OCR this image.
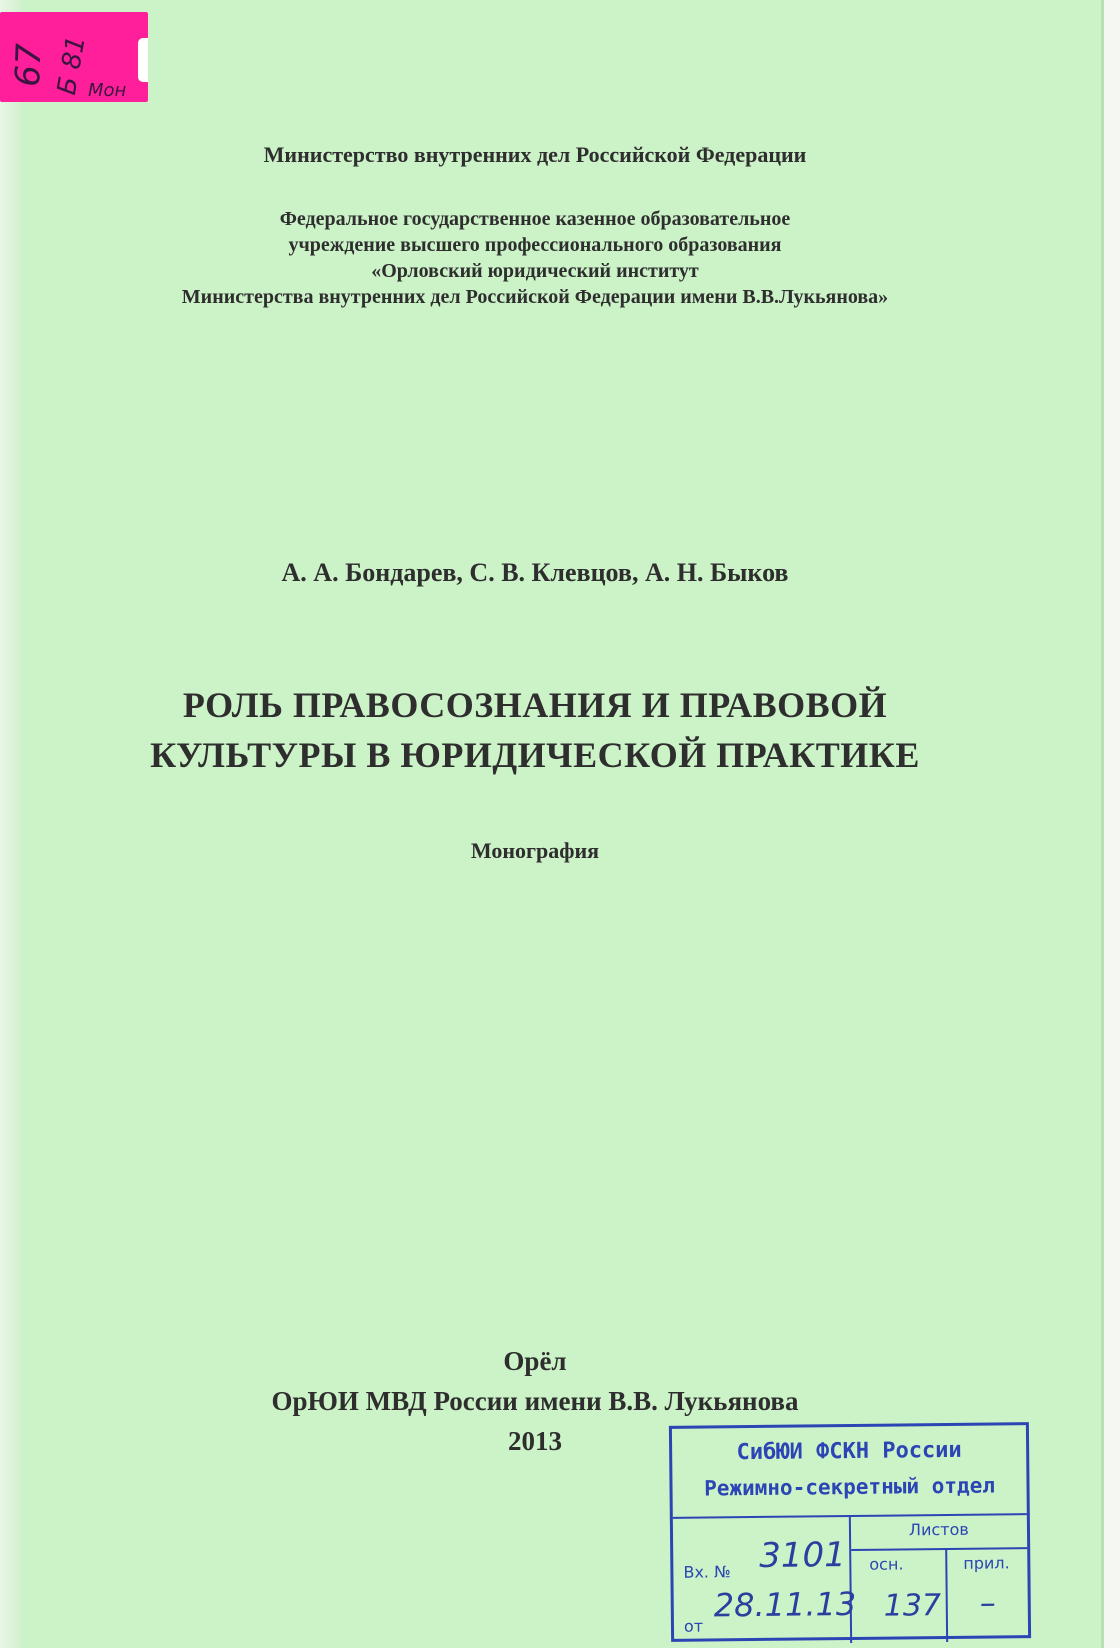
67 Б 81
Мон
Министерство внутренних дел Российской Федерации
Федеральное государственное казенное образовательное
учреждение высшего профессионального образования
«Орловский юридический институт
Министерства внутренних дел Российской Федерации имени В.В.Лукьянова»
А. А. Бондарев, С. В. Клевцов, А. Н. Быков
РОЛЬ ПРАВОСОЗНАНИЯ И ПРАВОВОЙ
КУЛЬТУРЫ В ЮРИДИЧЕСКОЙ ПРАКТИКЕ
Монография
Орёл
ОрЮИ МВД России имени В.В. Лукьянова
2013	СибЮИ ФСКН России
Режимно-секретный отдел
Листов
Вх. № 3101 осн.	прил.
от
28.11.13 137 –
